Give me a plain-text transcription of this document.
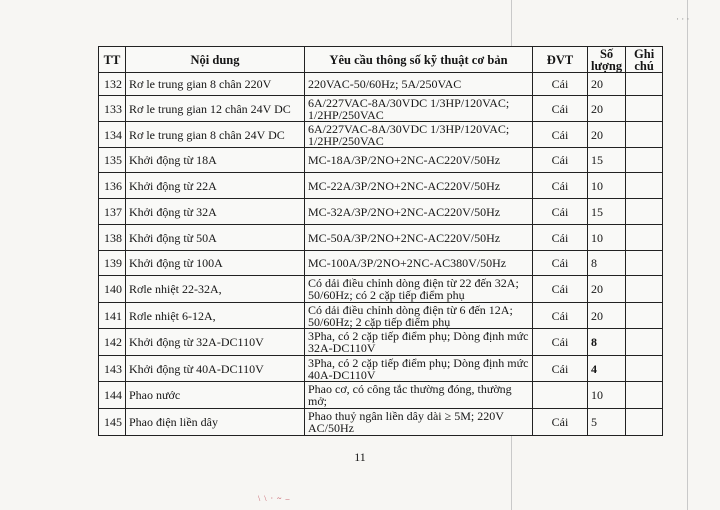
· · ·
TT	Nội dung	Yêu cầu thông số kỹ thuật cơ bản	ĐVT	Số lượng	Ghi chú
132	Rơ le trung gian 8 chân 220V	220VAC-50/60Hz; 5A/250VAC	Cái	20	
133	Rơ le trung gian 12 chân 24V DC	6A/227VAC-8A/30VDC 1/3HP/120VAC; 1/2HP/250VAC	Cái	20	
134	Rơ le trung gian 8 chân 24V DC	6A/227VAC-8A/30VDC 1/3HP/120VAC; 1/2HP/250VAC	Cái	20	
135	Khởi động từ 18A	MC-18A/3P/2NO+2NC-AC220V/50Hz	Cái	15	
136	Khởi động từ 22A	MC-22A/3P/2NO+2NC-AC220V/50Hz	Cái	10	
137	Khởi động từ 32A	MC-32A/3P/2NO+2NC-AC220V/50Hz	Cái	15	
138	Khởi động từ 50A	MC-50A/3P/2NO+2NC-AC220V/50Hz	Cái	10	
139	Khởi động từ 100A	MC-100A/3P/2NO+2NC-AC380V/50Hz	Cái	8	
140	Rơle nhiệt 22-32A,	Có dải điều chỉnh dòng điện từ 22 đến 32A; 50/60Hz; có 2 cặp tiếp điểm phụ	Cái	20	
141	Rơle nhiệt 6-12A,	Có dải điều chỉnh dòng điện từ 6 đến 12A; 50/60Hz; 2 cặp tiếp điểm phụ	Cái	20	
142	Khởi động từ 32A-DC110V	3Pha, có 2 cặp tiếp điểm phụ; Dòng định mức 32A-DC110V	Cái	8	
143	Khởi động từ 40A-DC110V	3Pha, có 2 cặp tiếp điểm phụ; Dòng định mức 40A-DC110V	Cái	4	
144	Phao nước	Phao cơ, có công tắc thường đóng, thường mở;		10	
145	Phao điện liền dây	Phao thuỷ ngân liền dây dài ≥ 5M; 220V AC/50Hz	Cái	5	
11
\ \ · ~ –
